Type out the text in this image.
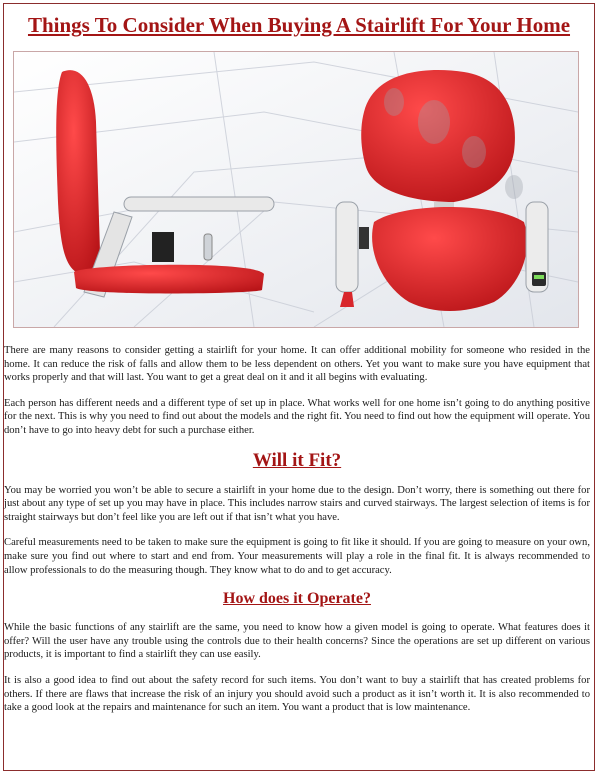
Things To Consider When Buying A Stairlift For Your Home

There are many reasons to consider getting a stairlift for your home. It can offer additional mobility for someone who resided in the home. It can reduce the risk of falls and allow them to be less dependent on others. Yet you want to make sure you have equipment that works properly and that will last. You want to get a great deal on it and it all begins with evaluating.

Each person has different needs and a different type of set up in place. What works well for one home isn’t going to do anything positive for the next. This is why you need to find out about the models and the right fit. You need to find out how the equipment will operate. You don’t have to go into heavy debt for such a purchase either.

Will it Fit?

You may be worried you won’t be able to secure a stairlift in your home due to the design. Don’t worry, there is something out there for just about any type of set up you may have in place. This includes narrow stairs and curved stairways. The largest selection of items is for straight stairways but don’t feel like you are left out if that isn’t what you have.

Careful measurements need to be taken to make sure the equipment is going to fit like it should. If you are going to measure on your own, make sure you find out where to start and end from. Your measurements will play a role in the final fit. It is always recommended to allow professionals to do the measuring though. They know what to do and to get accuracy.

How does it Operate?

While the basic functions of any stairlift are the same, you need to know how a given model is going to operate. What features does it offer? Will the user have any trouble using the controls due to their health concerns? Since the operations are set up different on various products, it is important to find a stairlift they can use easily.

It is also a good idea to find out about the safety record for such items. You don’t want to buy a stairlift that has created problems for others. If there are flaws that increase the risk of an injury you should avoid such a product as it isn’t worth it. It is also recommended to take a good look at the repairs and maintenance for such an item. You want a product that is low maintenance.
